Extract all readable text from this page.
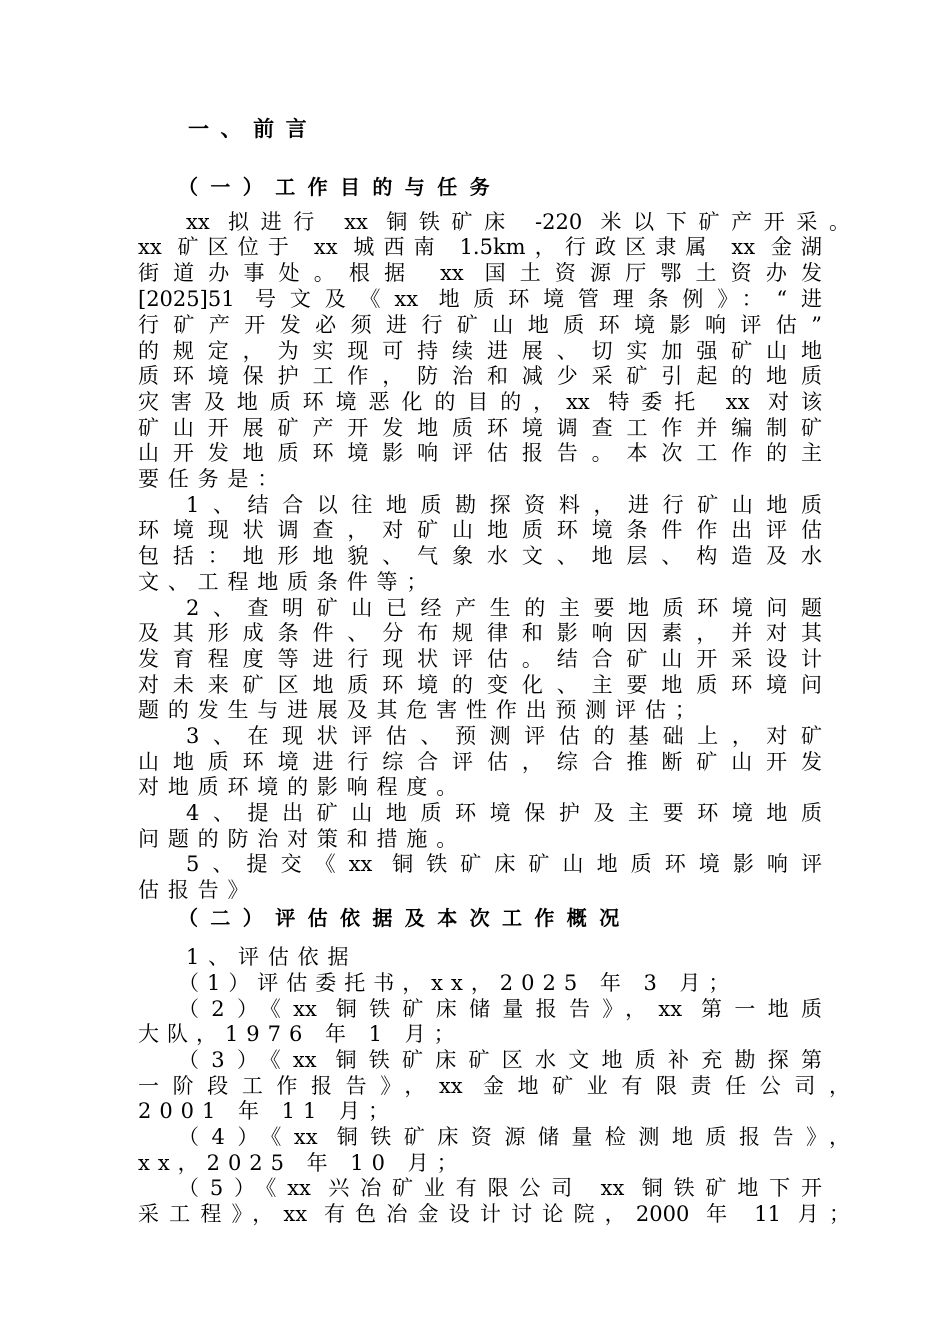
一、前言
（一）工作目的与任务
xx 拟进行 xx 铜铁矿床 -220 米以下矿产开采。
xx 矿区位于 xx 城西南 1.5km，行政区隶属 xx 金湖
街道办事处。根据 xx 国土资源厅鄂土资办发
[2025]51 号文及《xx 地质环境管理条例》：“进
行矿产开发必须进行矿山地质环境影响评估”
的规定，为实现可持续进展、切实加强矿山地
质环境保护工作，防治和减少采矿引起的地质
灾害及地质环境恶化的目的，xx 特委托 xx 对该
矿山开展矿产开发地质环境调查工作并编制矿
山开发地质环境影响评估报告。本次工作的主
要任务是：
1、结合以往地质勘探资料，进行矿山地质
环境现状调查，对矿山地质环境条件作出评估
包括：地形地貌、气象水文、地层、构造及水
文、工程地质条件等；
2、查明矿山已经产生的主要地质环境问题
及其形成条件、分布规律和影响因素，并对其
发育程度等进行现状评估。结合矿山开采设计
对未来矿区地质环境的变化、主要地质环境问
题的发生与进展及其危害性作出预测评估；
3、在现状评估、预测评估的基础上，对矿
山地质环境进行综合评估，综合推断矿山开发
对地质环境的影响程度。
4、提出矿山地质环境保护及主要环境地质
问题的防治对策和措施。
5、提交《xx 铜铁矿床矿山地质环境影响评
估报告》
（二）评估依据及本次工作概况
1、评估依据
（1）评估委托书，xx，2025 年 3 月；
（2）《xx 铜铁矿床储量报告》，xx 第一地质
大队，1976 年 1 月；
（3）《xx 铜铁矿床矿区水文地质补充勘探第
一阶段工作报告》，xx 金地矿业有限责任公司，
2001 年 11 月；
（4）《xx 铜铁矿床资源储量检测地质报告》，
xx，2025 年 10 月；
（5）《xx 兴冶矿业有限公司 xx 铜铁矿地下开
采工程》，xx 有色冶金设计讨论院，2000 年 11 月；
